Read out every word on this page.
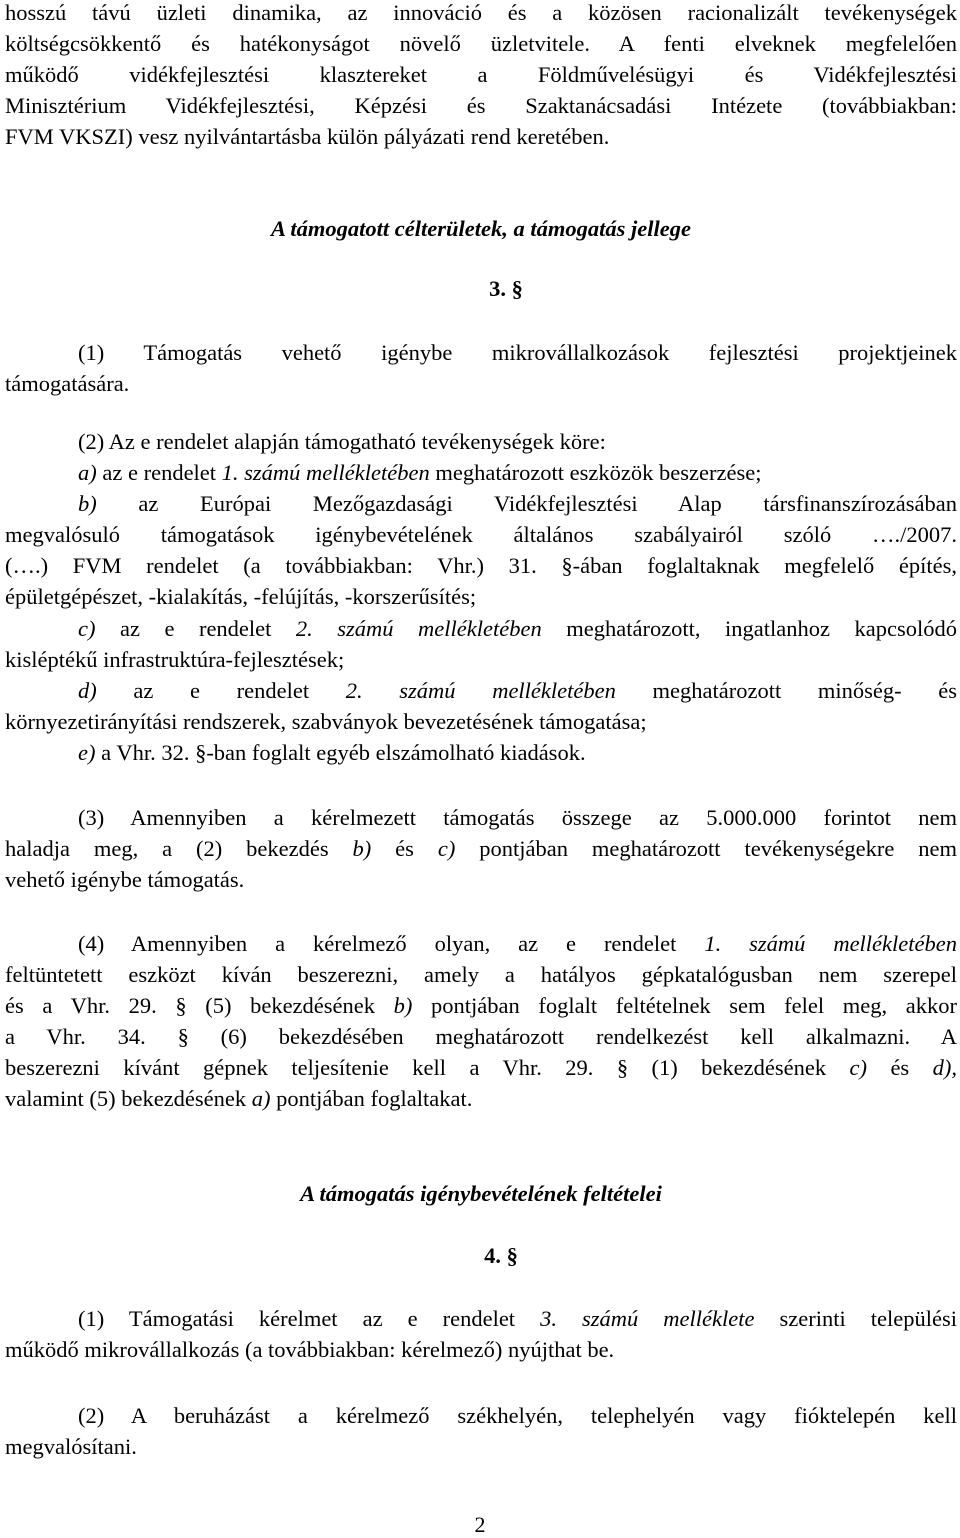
hosszú távú üzleti dinamika, az innováció és a közösen racionalizált tevékenységek
költségcsökkentő és hatékonyságot növelő üzletvitele. A fenti elveknek megfelelően
működő vidékfejlesztési klasztereket a Földművelésügyi és Vidékfejlesztési
Minisztérium Vidékfejlesztési, Képzési és Szaktanácsadási Intézete (továbbiakban:
FVM VKSZI) vesz nyilvántartásba külön pályázati rend keretében.
A támogatott célterületek, a támogatás jellege
3. §
(1) Támogatás vehető igénybe mikrovállalkozások fejlesztési projektjeinek
támogatására.
(2) Az e rendelet alapján támogatható tevékenységek köre:
a) az e rendelet 1. számú mellékletében meghatározott eszközök beszerzése;
b) az Európai Mezőgazdasági Vidékfejlesztési Alap társfinanszírozásában
megvalósuló támogatások igénybevételének általános szabályairól szóló …./2007.
(….) FVM rendelet (a továbbiakban: Vhr.) 31. §-ában foglaltaknak megfelelő építés,
épületgépészet, -kialakítás, -felújítás, -korszerűsítés;
c) az e rendelet 2. számú mellékletében meghatározott, ingatlanhoz kapcsolódó
kisléptékű infrastruktúra-fejlesztések;
d) az e rendelet 2. számú mellékletében meghatározott minőség- és
környezetirányítási rendszerek, szabványok bevezetésének támogatása;
e) a Vhr. 32. §-ban foglalt egyéb elszámolható kiadások.
(3) Amennyiben a kérelmezett támogatás összege az 5.000.000 forintot nem
haladja meg, a (2) bekezdés b) és c) pontjában meghatározott tevékenységekre nem
vehető igénybe támogatás.
(4) Amennyiben a kérelmező olyan, az e rendelet 1. számú mellékletében
feltüntetett eszközt kíván beszerezni, amely a hatályos gépkatalógusban nem szerepel
és a Vhr. 29. § (5) bekezdésének b) pontjában foglalt feltételnek sem felel meg, akkor
a Vhr. 34. § (6) bekezdésében meghatározott rendelkezést kell alkalmazni. A
beszerezni kívánt gépnek teljesítenie kell a Vhr. 29. § (1) bekezdésének c) és d),
valamint (5) bekezdésének a) pontjában foglaltakat.
A támogatás igénybevételének feltételei
4. §
(1) Támogatási kérelmet az e rendelet 3. számú melléklete szerinti települési
működő mikrovállalkozás (a továbbiakban: kérelmező) nyújthat be.
(2) A beruházást a kérelmező székhelyén, telephelyén vagy fióktelepén kell
megvalósítani.
2
